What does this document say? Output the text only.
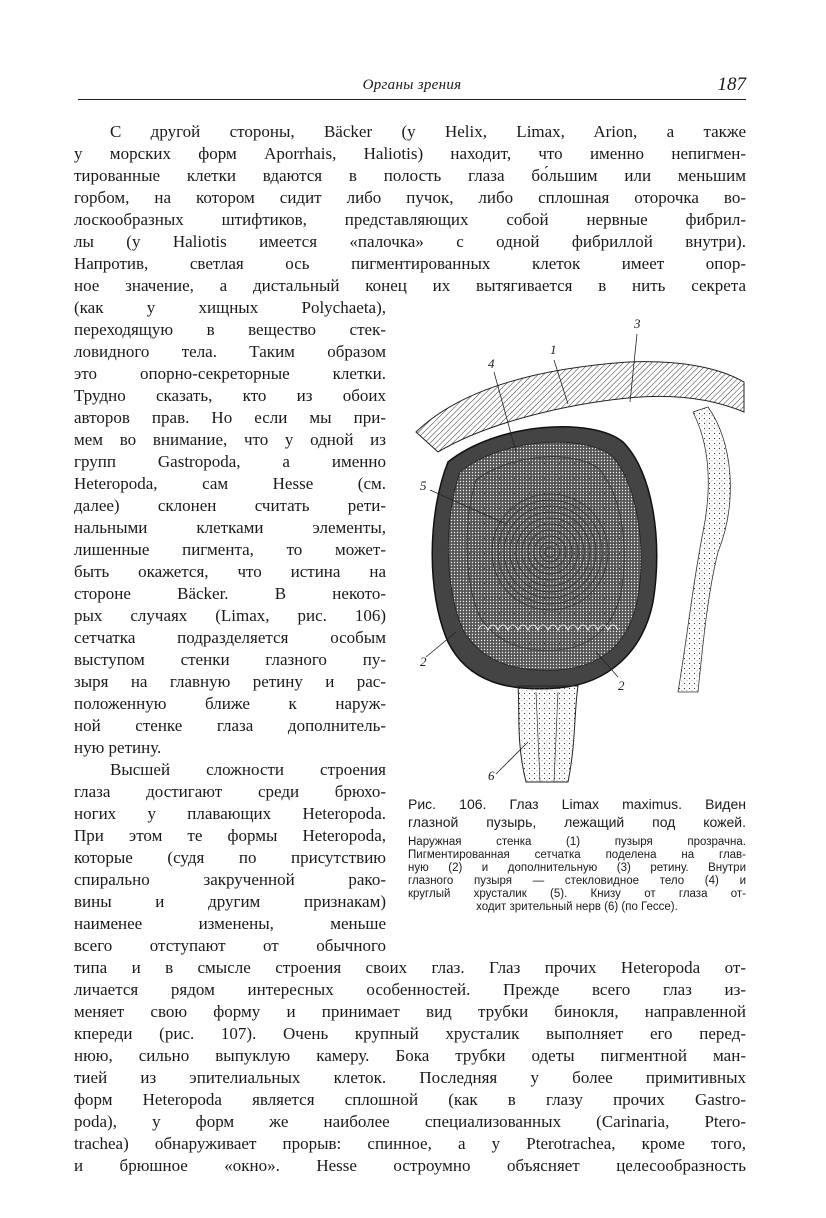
Органы зрения	187
С другой стороны, Bäcker (у Helix, Limax, Arion, а также
у морских форм Aporrhais, Haliotis) находит, что именно непигмен-
тированные клетки вдаются в полость глаза бо́льшим или меньшим
горбом, на котором сидит либо пучок, либо сплошная оторочка во-
лоскообразных штифтиков, представляющих собой нервные фибрил-
лы (у Haliotis имеется «палочка» с одной фибриллой внутри).
Напротив, светлая ось пигментированных клеток имеет опор-
ное значение, а дистальный конец их вытягивается в нить секрета
(как у хищных Polychaeta),
переходящую в вещество стек-
ловидного тела. Таким образом
это опорно-секреторные клетки.
Трудно сказать, кто из обоих
авторов прав. Но если мы при-
мем во внимание, что у одной из
групп Gastropoda, а именно
Heteropoda, сам Hesse (см.
далее) склонен считать рети-
нальными клетками элементы,
лишенные пигмента, то может-
быть окажется, что истина на
стороне Bäcker. В некото-
рых случаях (Limax, рис. 106)
сетчатка подразделяется особым
выступом стенки глазного пу-
зыря на главную ретину и рас-
положенную ближе к наруж-
ной стенке глаза дополнитель-
ную ретину.
Высшей сложности строения
глаза достигают среди брюхо-
ногих у плавающих Heteropoda.
При этом те формы Heteropoda,
которые (судя по присутствию
спирально закрученной рако-
вины и другим признакам)
наименее изменены, меньше
всего отступают от обычного
1
2
2
3
4
5
6
Рис. 106. Глаз Limax maximus. Виден
глазной пузырь, лежащий под кожей.
Наружная стенка (1) пузыря прозрачна.
Пигментированная сетчатка поделена на глав-
ную (2) и дополнительную (3) ретину. Внутри
глазного пузыря — стекловидное тело (4) и
круглый хрусталик (5). Книзу от глаза от-
ходит зрительный нерв (6) (по Гессе).
типа и в смысле строения своих глаз. Глаз прочих Heteropoda от-
личается рядом интересных особенностей. Прежде всего глаз из-
меняет свою форму и принимает вид трубки бинокля, направленной
кпереди (рис. 107). Очень крупный хрусталик выполняет его перед-
нюю, сильно выпуклую камеру. Бока трубки одеты пигментной ман-
тией из эпителиальных клеток. Последняя у более примитивных
форм Heteropoda является сплошной (как в глазу прочих Gastro-
poda), у форм же наиболее специализованных (Carinaria, Ptero-
trachea) обнаруживает прорыв: спинное, а у Pterotrachea, кроме того,
и брюшное «окно». Hesse остроумно объясняет целесообразность
